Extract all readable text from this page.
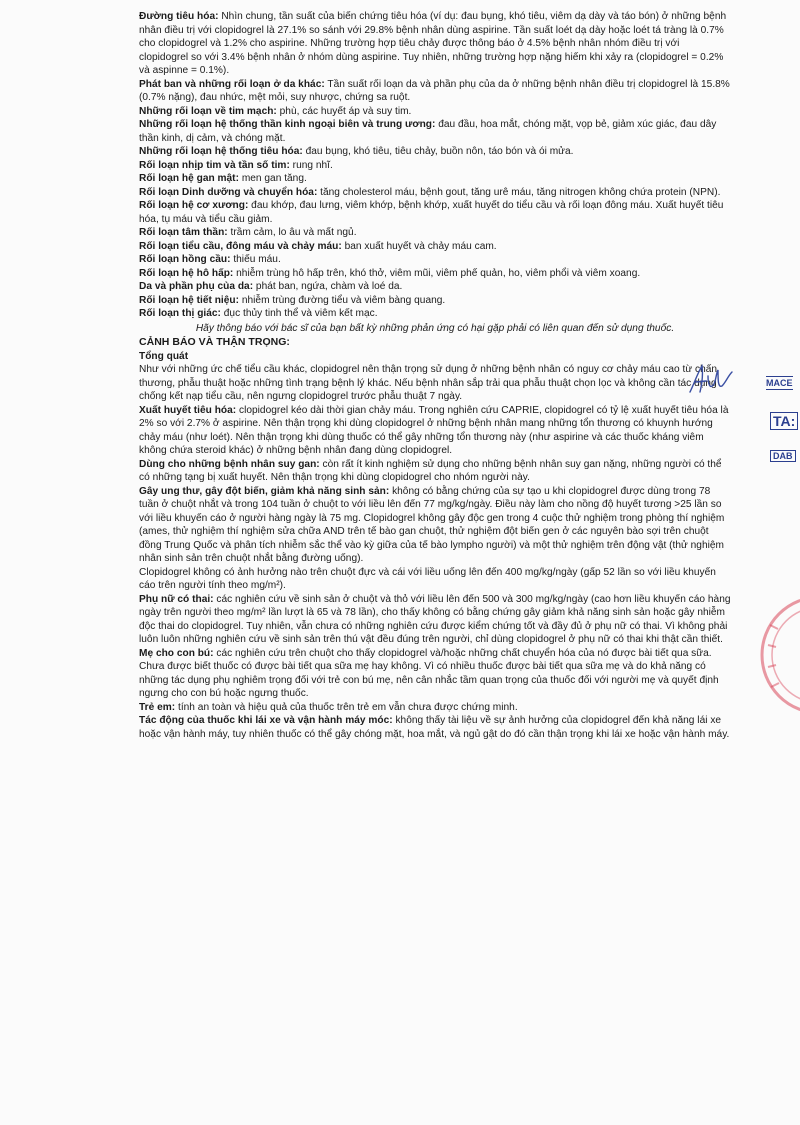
Đường tiêu hóa: Nhìn chung, tần suất của biến chứng tiêu hóa (ví dụ: đau bụng, khó tiêu, viêm dạ dày và táo bón) ở những bệnh nhân điều trị với clopidogrel là 27.1% so sánh với 29.8% bệnh nhân dùng aspirine. Tần suất loét dạ dày hoặc loét tá tràng là 0.7% cho clopidogrel và 1.2% cho aspirine. Những trường hợp tiêu chảy được thông báo ở 4.5% bệnh nhân nhóm điều trị với clopidogrel so với 3.4% bệnh nhân ở nhóm dùng aspirine. Tuy nhiên, những trường hợp nặng hiếm khi xảy ra (clopidogrel = 0.2% và aspinne = 0.1%).

Phát ban và những rối loạn ở da khác: Tần suất rối loạn da và phần phụ của da ở những bệnh nhân điều trị clopidogrel là 15.8% (0.7% nặng), đau nhức, mệt mỏi, suy nhược, chứng sa ruột.

Những rối loạn về tim mạch: phù, các huyết áp và suy tim.

Những rối loạn hệ thống thần kinh ngoại biên và trung ương: đau đầu, hoa mắt, chóng mặt, vọp bẻ, giảm xúc giác, đau dây thần kinh, dị cảm, và chóng mặt.

Những rối loạn hệ thống tiêu hóa: đau bụng, khó tiêu, tiêu chảy, buồn nôn, táo bón và ói mửa.

Rối loạn nhịp tim và tần số tim: rung nhĩ.

Rối loạn hệ gan mật: men gan tăng.

Rối loạn Dinh dưỡng và chuyển hóa: tăng cholesterol máu, bệnh gout, tăng urê máu, tăng nitrogen không chứa protein (NPN).

Rối loạn hệ cơ xương: đau khớp, đau lưng, viêm khớp, bệnh khớp, xuất huyết do tiểu cầu và rối loạn đông máu. Xuất huyết tiêu hóa, tụ máu và tiểu cầu giảm.

Rối loạn tâm thần: trầm cảm, lo âu và mất ngủ.

Rối loạn tiểu cầu, đông máu và chảy máu: ban xuất huyết và chảy máu cam.

Rối loạn hồng cầu: thiếu máu.

Rối loạn hệ hô hấp: nhiễm trùng hô hấp trên, khó thở, viêm mũi, viêm phế quản, ho, viêm phổi và viêm xoang.

Da và phần phụ của da: phát ban, ngứa, chàm và loé da.

Rối loạn hệ tiết niệu: nhiễm trùng đường tiểu và viêm bàng quang.

Rối loạn thị giác: đục thủy tinh thể và viêm kết mạc.

Hãy thông báo với bác sĩ của bạn bất kỳ những phản ứng có hại gặp phải có liên quan đến sử dụng thuốc.

CẢNH BÁO VÀ THẬN TRỌNG:

Tổng quát

Như với những ức chế tiểu cầu khác, clopidogrel nên thận trọng sử dụng ở những bệnh nhân có nguy cơ chảy máu cao từ chấn thương, phẫu thuật hoặc những tình trạng bệnh lý khác. Nếu bệnh nhân sắp trải qua phẫu thuật chọn lọc và không cần tác dụng chống kết nạp tiểu cầu, nên ngưng clopidogrel trước phẫu thuật 7 ngày.

Xuất huyết tiêu hóa: clopidogrel kéo dài thời gian chảy máu. Trong nghiên cứu CAPRIE, clopidogrel có tỷ lệ xuất huyết tiêu hóa là 2% so với 2.7% ở aspirine. Nên thận trọng khi dùng clopidogrel ở những bệnh nhân mang những tổn thương có khuynh hướng chảy máu (như loét). Nên thận trọng khi dùng thuốc có thể gây những tổn thương này (như aspirine và các thuốc kháng viêm không chứa steroid khác) ở những bệnh nhân đang dùng clopidogrel.

Dùng cho những bệnh nhân suy gan: còn rất ít kinh nghiệm sử dụng cho những bệnh nhân suy gan nặng, những người có thể có những tạng bị xuất huyết. Nên thận trọng khi dùng clopidogrel cho nhóm người này.

Gây ung thư, gây đột biến, giảm khả năng sinh sản: không có bằng chứng của sự tạo u khi clopidogrel được dùng trong 78 tuần ở chuột nhắt và trong 104 tuần ở chuột to với liều lên đến 77 mg/kg/ngày. Điều này làm cho nồng độ huyết tương >25 lần so với liều khuyến cáo ở người hàng ngày là 75 mg. Clopidogrel không gây độc gen trong 4 cuộc thử nghiệm trong phòng thí nghiệm (ames, thử nghiệm thí nghiệm sửa chữa AND trên tế bào gan chuột, thử nghiệm đột biến gen ở các nguyên bào sợi trên chuột đồng Trung Quốc và phân tích nhiễm sắc thể vào kỳ giữa của tế bào lympho người) và một thử nghiệm trên động vật (thử nghiệm nhân sinh sản trên chuột nhắt bằng đường uống).

Clopidogrel không có ảnh hưởng nào trên chuột đực và cái với liều uống lên đến 400 mg/kg/ngày (gấp 52 lần so với liều khuyến cáo trên người tính theo mg/m²).

Phụ nữ có thai: các nghiên cứu về sinh sản ở chuột và thỏ với liều lên đến 500 và 300 mg/kg/ngày (cao hơn liều khuyến cáo hàng ngày trên người theo mg/m² lần lượt là 65 và 78 lần), cho thấy không có bằng chứng gây giảm khả năng sinh sản hoặc gây nhiễm độc thai do clopidogrel. Tuy nhiên, vẫn chưa có những nghiên cứu được kiểm chứng tốt và đầy đủ ở phụ nữ có thai. Vì không phải luôn luôn những nghiên cứu về sinh sản trên thú vật đều đúng trên người, chỉ dùng clopidogrel ở phụ nữ có thai khi thật cần thiết.

Mẹ cho con bú: các nghiên cứu trên chuột cho thấy clopidogrel và/hoặc những chất chuyển hóa của nó được bài tiết qua sữa. Chưa được biết thuốc có được bài tiết qua sữa mẹ hay không. Vì có nhiều thuốc được bài tiết qua sữa mẹ và do khả năng có những tác dụng phụ nghiêm trọng đối với trẻ con bú mẹ, nên cân nhắc tầm quan trọng của thuốc đối với người mẹ và quyết định ngưng cho con bú hoặc ngưng thuốc.

Trẻ em: tính an toàn và hiệu quả của thuốc trên trẻ em vẫn chưa được chứng minh.

Tác động của thuốc khi lái xe và vận hành máy móc: không thấy tài liệu về sự ảnh hưởng của clopidogrel đến khả năng lái xe hoặc vận hành máy, tuy nhiên thuốc có thể gây chóng mặt, hoa mắt, và ngủ gật do đó cần thận trọng khi lái xe hoặc vận hành máy.

MACE
TA:
DAB
